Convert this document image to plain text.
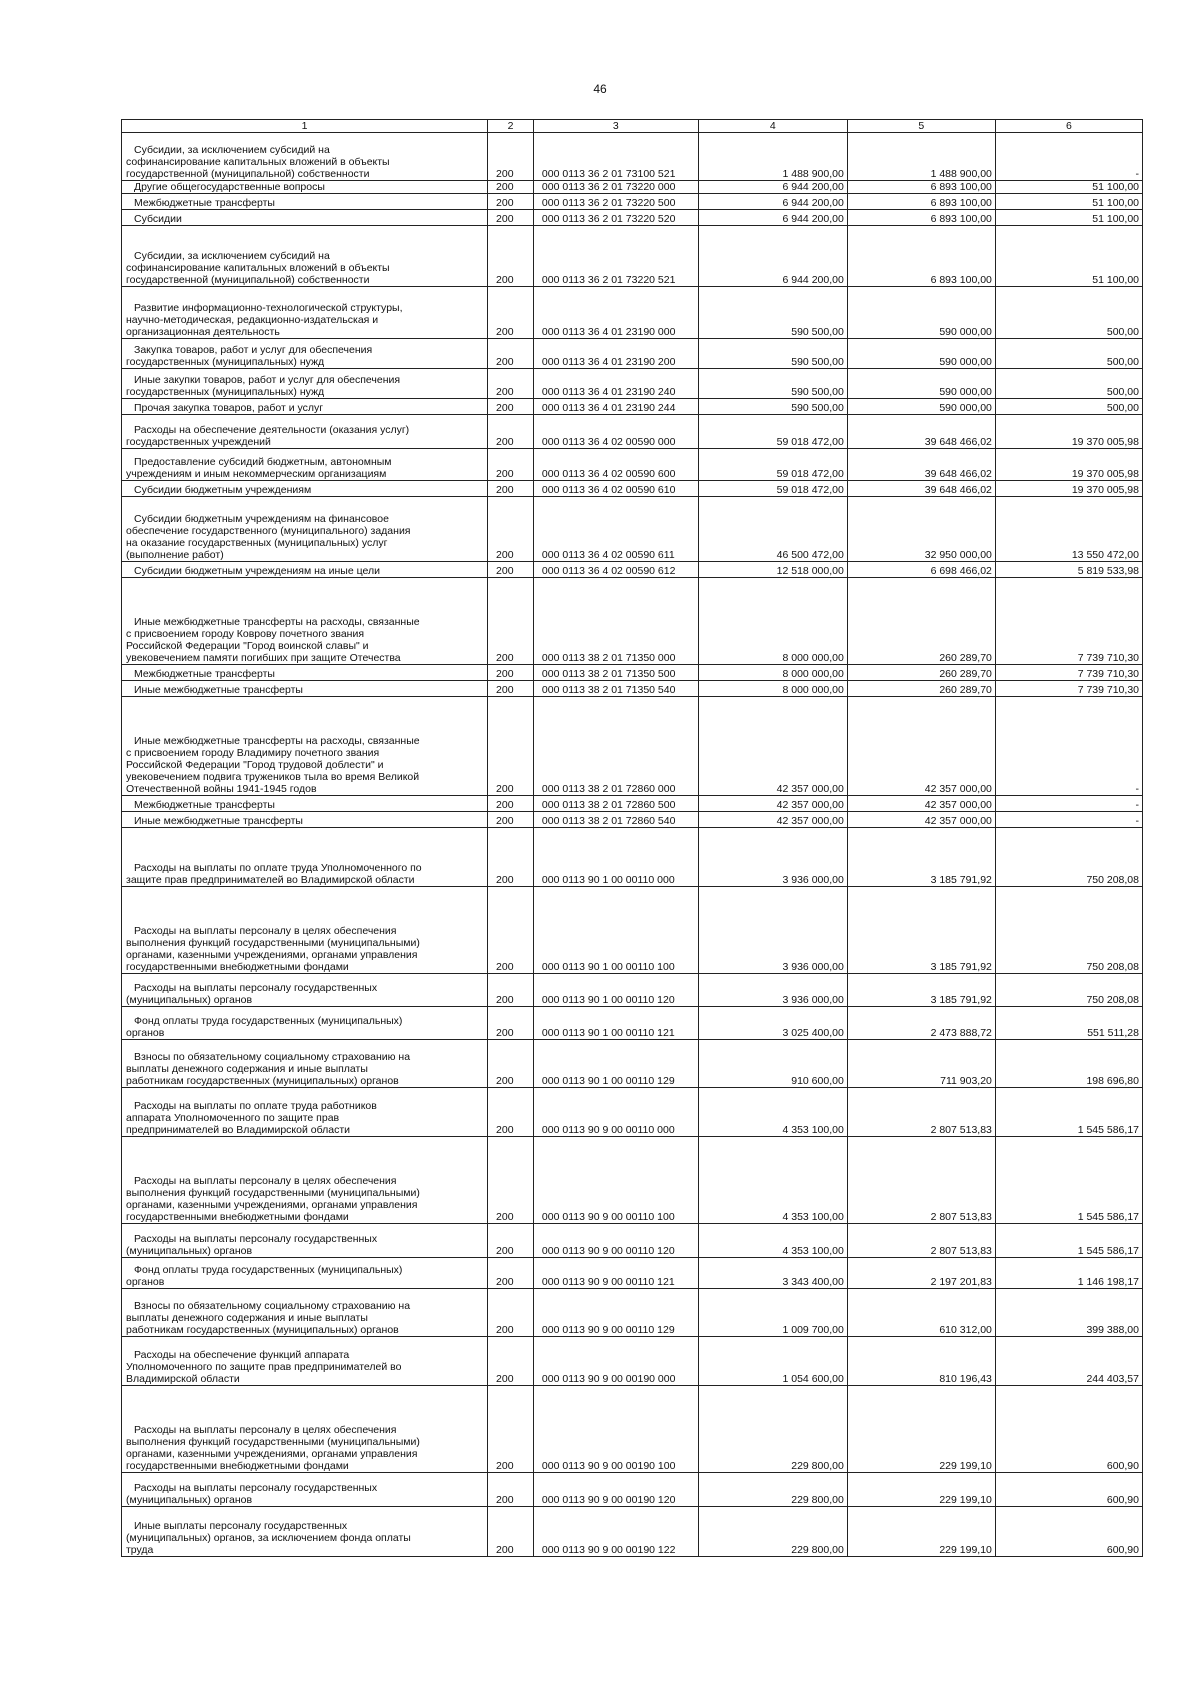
46
1	2	3	4	5	6

Субсидии, за исключением субсидий на
софинансирование капитальных вложений в объекты
государственной (муниципальной) собственности	200	000 0113 36 2 01 73100 521	1 488 900,00	1 488 900,00	-

Другие общегосударственные вопросы	200	000 0113 36 2 01 73220 000	6 944 200,00	6 893 100,00	51 100,00

Межбюджетные трансферты	200	000 0113 36 2 01 73220 500	6 944 200,00	6 893 100,00	51 100,00

Субсидии	200	000 0113 36 2 01 73220 520	6 944 200,00	6 893 100,00	51 100,00

Субсидии, за исключением субсидий на
софинансирование капитальных вложений в объекты
государственной (муниципальной) собственности	200	000 0113 36 2 01 73220 521	6 944 200,00	6 893 100,00	51 100,00

Развитие информационно-технологической структуры,
научно-методическая, редакционно-издательская и
организационная деятельность	200	000 0113 36 4 01 23190 000	590 500,00	590 000,00	500,00

Закупка товаров, работ и услуг для обеспечения
государственных (муниципальных) нужд	200	000 0113 36 4 01 23190 200	590 500,00	590 000,00	500,00

Иные закупки товаров, работ и услуг для обеспечения
государственных (муниципальных) нужд	200	000 0113 36 4 01 23190 240	590 500,00	590 000,00	500,00

Прочая закупка товаров, работ и услуг	200	000 0113 36 4 01 23190 244	590 500,00	590 000,00	500,00

Расходы на обеспечение деятельности (оказания услуг)
государственных учреждений	200	000 0113 36 4 02 00590 000	59 018 472,00	39 648 466,02	19 370 005,98

Предоставление субсидий бюджетным, автономным
учреждениям и иным некоммерческим организациям	200	000 0113 36 4 02 00590 600	59 018 472,00	39 648 466,02	19 370 005,98

Субсидии бюджетным учреждениям	200	000 0113 36 4 02 00590 610	59 018 472,00	39 648 466,02	19 370 005,98

Субсидии бюджетным учреждениям на финансовое
обеспечение государственного (муниципального) задания
на оказание государственных (муниципальных) услуг
(выполнение работ)	200	000 0113 36 4 02 00590 611	46 500 472,00	32 950 000,00	13 550 472,00

Субсидии бюджетным учреждениям на иные цели	200	000 0113 36 4 02 00590 612	12 518 000,00	6 698 466,02	5 819 533,98

Иные межбюджетные трансферты на расходы, связанные
с присвоением городу Коврову почетного звания
Российской Федерации "Город воинской славы" и
увековечением памяти погибших при защите Отечества	200	000 0113 38 2 01 71350 000	8 000 000,00	260 289,70	7 739 710,30

Межбюджетные трансферты	200	000 0113 38 2 01 71350 500	8 000 000,00	260 289,70	7 739 710,30

Иные межбюджетные трансферты	200	000 0113 38 2 01 71350 540	8 000 000,00	260 289,70	7 739 710,30

Иные межбюджетные трансферты на расходы, связанные
с присвоением городу Владимиру почетного звания
Российской Федерации "Город трудовой доблести" и
увековечением подвига тружеников тыла во время Великой
Отечественной войны 1941-1945 годов	200	000 0113 38 2 01 72860 000	42 357 000,00	42 357 000,00	-

Межбюджетные трансферты	200	000 0113 38 2 01 72860 500	42 357 000,00	42 357 000,00	-

Иные межбюджетные трансферты	200	000 0113 38 2 01 72860 540	42 357 000,00	42 357 000,00	-

Расходы на выплаты по оплате труда Уполномоченного по
защите прав предпринимателей во Владимирской области	200	000 0113 90 1 00 00110 000	3 936 000,00	3 185 791,92	750 208,08

Расходы на выплаты персоналу в целях обеспечения
выполнения функций государственными (муниципальными)
органами, казенными учреждениями, органами управления
государственными внебюджетными фондами	200	000 0113 90 1 00 00110 100	3 936 000,00	3 185 791,92	750 208,08

Расходы на выплаты персоналу государственных
(муниципальных) органов	200	000 0113 90 1 00 00110 120	3 936 000,00	3 185 791,92	750 208,08

Фонд оплаты труда государственных (муниципальных)
органов	200	000 0113 90 1 00 00110 121	3 025 400,00	2 473 888,72	551 511,28

Взносы по обязательному социальному страхованию на
выплаты денежного содержания и иные выплаты
работникам государственных (муниципальных) органов	200	000 0113 90 1 00 00110 129	910 600,00	711 903,20	198 696,80

Расходы на выплаты по оплате труда работников
аппарата Уполномоченного по защите прав
предпринимателей во Владимирской области	200	000 0113 90 9 00 00110 000	4 353 100,00	2 807 513,83	1 545 586,17

Расходы на выплаты персоналу в целях обеспечения
выполнения функций государственными (муниципальными)
органами, казенными учреждениями, органами управления
государственными внебюджетными фондами	200	000 0113 90 9 00 00110 100	4 353 100,00	2 807 513,83	1 545 586,17

Расходы на выплаты персоналу государственных
(муниципальных) органов	200	000 0113 90 9 00 00110 120	4 353 100,00	2 807 513,83	1 545 586,17

Фонд оплаты труда государственных (муниципальных)
органов	200	000 0113 90 9 00 00110 121	3 343 400,00	2 197 201,83	1 146 198,17

Взносы по обязательному социальному страхованию на
выплаты денежного содержания и иные выплаты
работникам государственных (муниципальных) органов	200	000 0113 90 9 00 00110 129	1 009 700,00	610 312,00	399 388,00

Расходы на обеспечение функций аппарата
Уполномоченного по защите прав предпринимателей во
Владимирской области	200	000 0113 90 9 00 00190 000	1 054 600,00	810 196,43	244 403,57

Расходы на выплаты персоналу в целях обеспечения
выполнения функций государственными (муниципальными)
органами, казенными учреждениями, органами управления
государственными внебюджетными фондами	200	000 0113 90 9 00 00190 100	229 800,00	229 199,10	600,90

Расходы на выплаты персоналу государственных
(муниципальных) органов	200	000 0113 90 9 00 00190 120	229 800,00	229 199,10	600,90

Иные выплаты персоналу государственных
(муниципальных) органов, за исключением фонда оплаты
труда	200	000 0113 90 9 00 00190 122	229 800,00	229 199,10	600,90
